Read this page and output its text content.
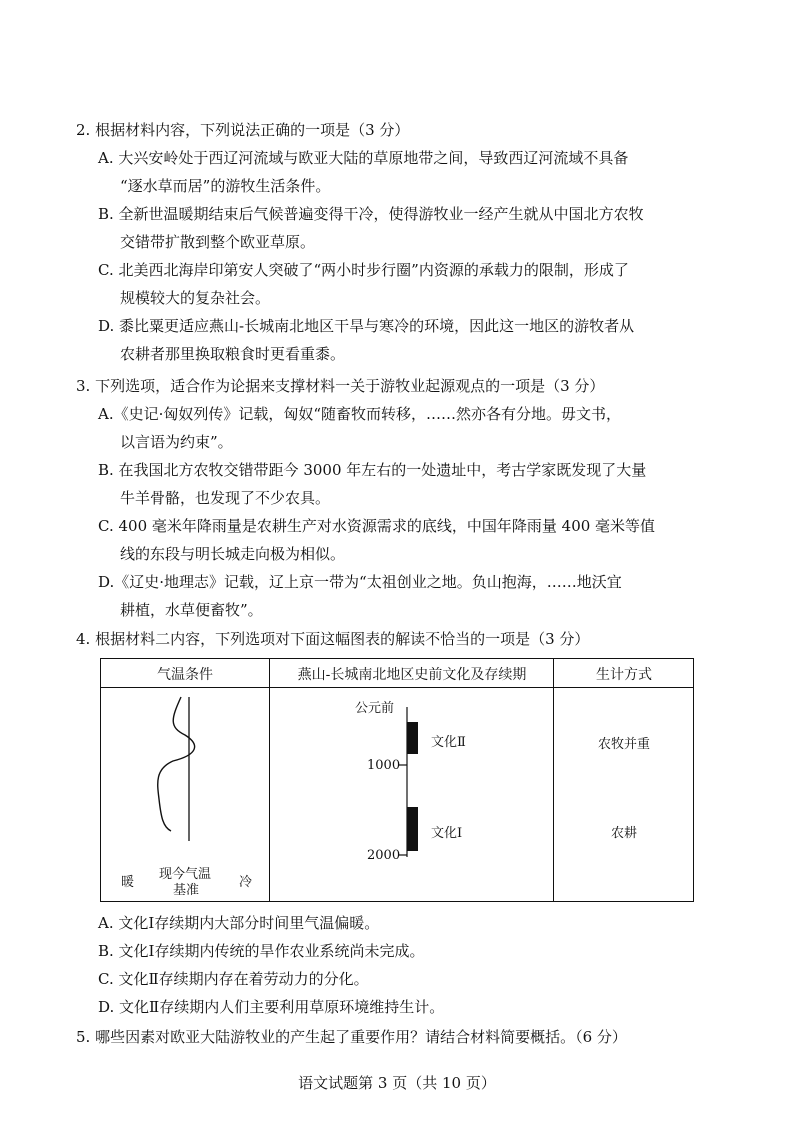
2. 根据材料内容，下列说法正确的一项是（3 分）
A. 大兴安岭处于西辽河流域与欧亚大陆的草原地带之间，导致西辽河流域不具备
“逐水草而居”的游牧生活条件。
B. 全新世温暖期结束后气候普遍变得干冷，使得游牧业一经产生就从中国北方农牧
交错带扩散到整个欧亚草原。
C. 北美西北海岸印第安人突破了“两小时步行圈”内资源的承载力的限制，形成了
规模较大的复杂社会。
D. 黍比粟更适应燕山-长城南北地区干旱与寒冷的环境，因此这一地区的游牧者从
农耕者那里换取粮食时更看重黍。
3. 下列选项，适合作为论据来支撑材料一关于游牧业起源观点的一项是（3 分）
A.《史记·匈奴列传》记载，匈奴“随畜牧而转移，……然亦各有分地。毋文书，
以言语为约束”。
B. 在我国北方农牧交错带距今 3000 年左右的一处遗址中，考古学家既发现了大量
牛羊骨骼，也发现了不少农具。
C. 400 毫米年降雨量是农耕生产对水资源需求的底线，中国年降雨量 400 毫米等值
线的东段与明长城走向极为相似。
D.《辽史·地理志》记载，辽上京一带为“太祖创业之地。负山抱海，……地沃宜
耕植，水草便畜牧”。
4. 根据材料二内容，下列选项对下面这幅图表的解读不恰当的一项是（3 分）
气温条件	燕山-长城南北地区史前文化及存续期	生计方式
公元前
1000
2000
文化Ⅱ
文化Ⅰ
农牧并重
农耕
暖
现今气温
基准
冷
A. 文化Ⅰ存续期内大部分时间里气温偏暖。
B. 文化Ⅰ存续期内传统的旱作农业系统尚未完成。
C. 文化Ⅱ存续期内存在着劳动力的分化。
D. 文化Ⅱ存续期内人们主要利用草原环境维持生计。
5. 哪些因素对欧亚大陆游牧业的产生起了重要作用？请结合材料简要概括。（6 分）
语文试题第 3 页（共 10 页）
